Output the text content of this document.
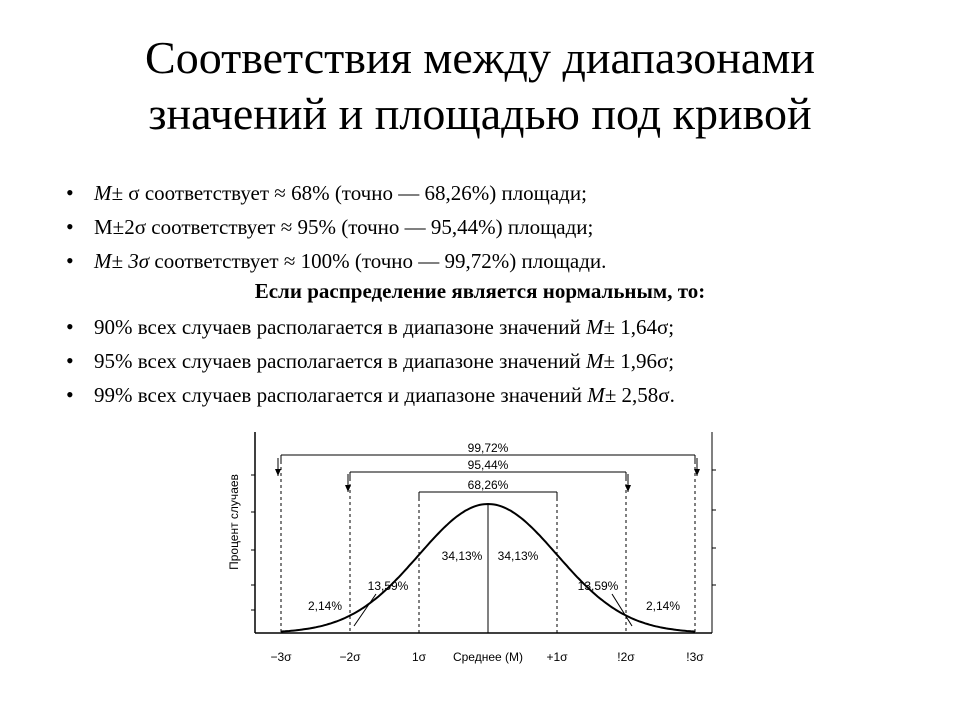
Соответствия между диапазонами
значений и площадью под кривой
• M± σ соответствует ≈ 68% (точно — 68,26%) площади;
• M±2σ соответствует ≈ 95% (точно — 95,44%) площади;
• M± 3σ соответствует ≈ 100% (точно — 99,72%) площади.
Если распределение является нормальным, то:
• 90% всех случаев располагается в диапазоне значений M± 1,64σ;
• 95% всех случаев располагается в диапазоне значений M± 1,96σ;
• 99% всех случаев располагается и диапазоне значений M± 2,58σ.
99,72%
95,44%
68,26%
34,13% 34,13%
13,59%	13,59%
2,14%	2,14%
−3σ	−2σ	1σ Среднее (М) +1σ	!2σ	!3σ
Процент случаев
